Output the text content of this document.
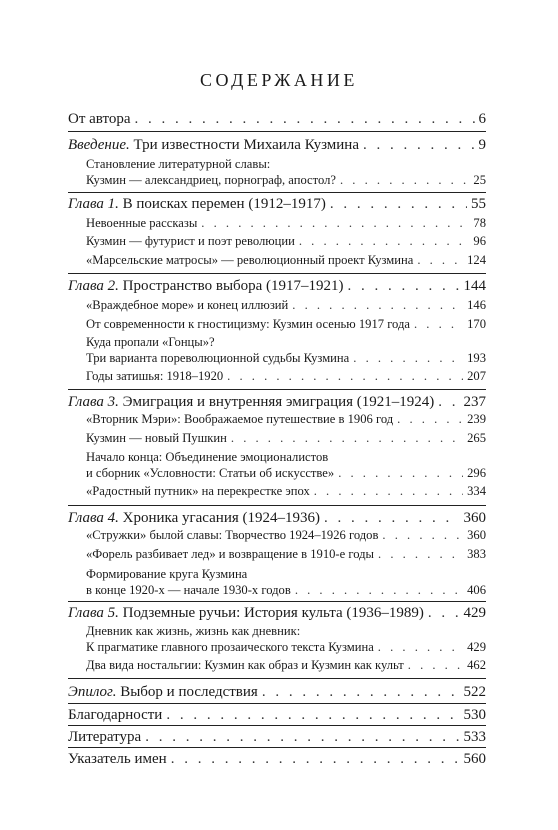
СОДЕРЖАНИЕ
От автора . . .	6
Введение. Три известности Михаила Кузмина . . .	9
Становление литературной славы:
Кузмин — александриец, порнограф, апостол? . . .	25
Глава 1. В поисках перемен (1912–1917) . . .	55
Невоенные рассказы . . .	78
Кузмин — футурист и поэт революции . . .	96
«Марсельские матросы» — революционный проект Кузмина . . .	124
Глава 2. Пространство выбора (1917–1921) . . .	144
«Враждебное море» и конец иллюзий . . .	146
От современности к гностицизму: Кузмин осенью 1917 года . . .	170
Куда пропали «Гонцы»?
Три варианта пореволюционной судьбы Кузмина . . .	193
Годы затишья: 1918–1920 . . .	207
Глава 3. Эмиграция и внутренняя эмиграция (1921–1924) . . . 237
«Вторник Мэри»: Воображаемое путешествие в 1906 год . . .	239
Кузмин — новый Пушкин . . .	265
Начало конца: Объединение эмоционалистов
и сборник «Условности: Статьи об искусстве» . . .	296
«Радостный путник» на перекрестке эпох . . .	334
Глава 4. Хроника угасания (1924–1936) . . .	360
«Стружки» былой славы: Творчество 1924–1926 годов . . .	360
«Форель разбивает лед» и возвращение в 1910-е годы . . .	383
Формирование круга Кузмина
в конце 1920-х — начале 1930-х годов . . .	406
Глава 5. Подземные ручьи: История культа (1936–1989) . . .	429
Дневник как жизнь, жизнь как дневник:
К прагматике главного прозаического текста Кузмина . . .	429
Два вида ностальгии: Кузмин как образ и Кузмин как культ . . .	462
Эпилог. Выбор и последствия . . .	522
Благодарности . . .	530
Литература . . .	533
Указатель имен . . .	560
